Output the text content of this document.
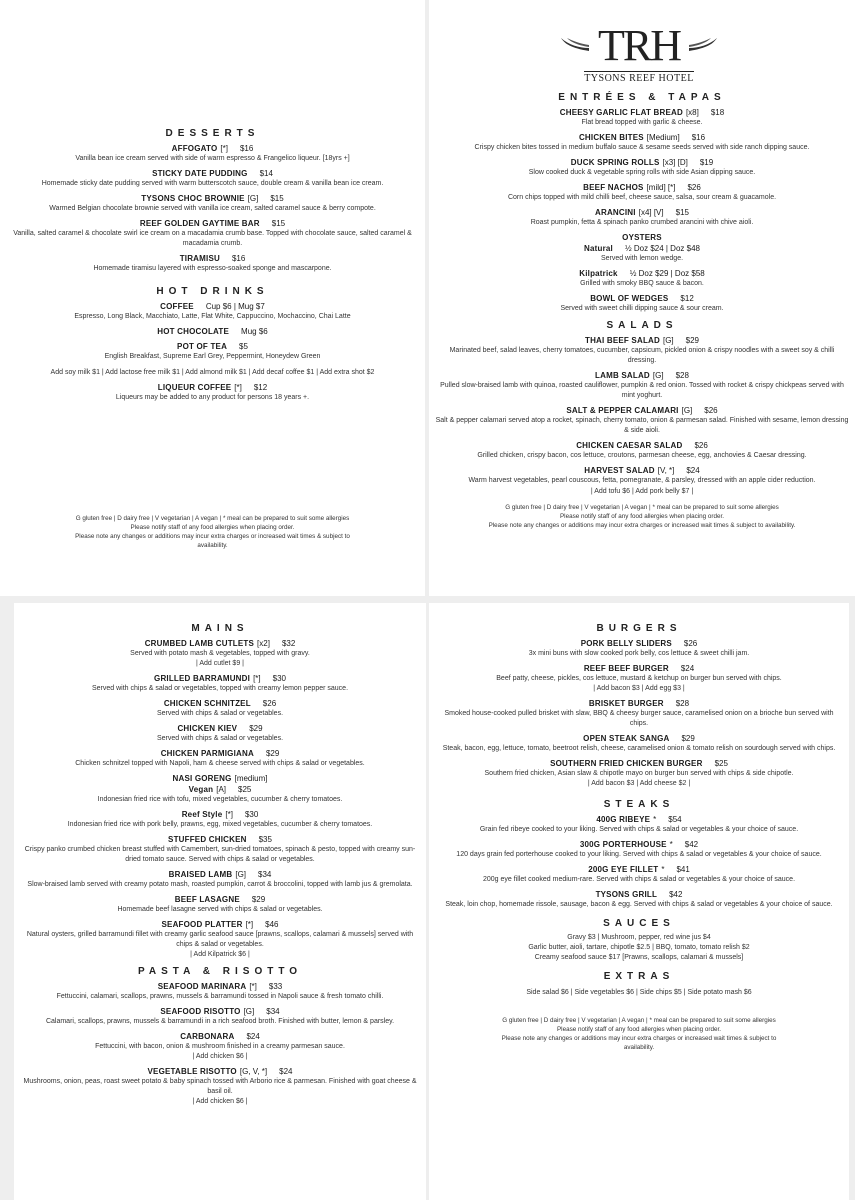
DESSERTS
AFFOGATO [*] $16
Vanilla bean ice cream served with side of warm espresso & Frangelico liqueur. [18yrs +]
STICKY DATE PUDDING $14
Homemade sticky date pudding served with warm butterscotch sauce, double cream & vanilla bean ice cream.
TYSONS CHOC BROWNIE [G] $15
Warmed Belgian chocolate brownie served with vanilla ice cream, salted caramel sauce & berry compote.
REEF GOLDEN GAYTIME BAR $15
Vanilla, salted caramel & chocolate swirl ice cream on a macadamia crumb base. Topped with chocolate sauce, salted caramel & macadamia crumb.
TIRAMISU $16
Homemade tiramisu layered with espresso-soaked sponge and mascarpone.
HOT DRINKS
COFFEE Cup $6 | Mug $7
Espresso, Long Black, Macchiato, Latte, Flat White, Cappuccino, Mochaccino, Chai Latte
HOT CHOCOLATE Mug $6
POT OF TEA $5
English Breakfast, Supreme Earl Grey, Peppermint, Honeydew Green
Add soy milk $1 | Add lactose free milk $1 | Add almond milk $1 | Add decaf coffee $1 | Add extra shot $2
LIQUEUR COFFEE [*] $12
Liqueurs may be added to any product for persons 18 years +.
G gluten free | D dairy free | V vegetarian | A vegan | * meal can be prepared to suit some allergies
Please notify staff of any food allergies when placing order.
Please note any changes or additions may incur extra charges or increased wait times & subject to availability.
TRH
TYSONS REEF HOTEL
ENTRÉES & TAPAS
CHEESY GARLIC FLAT BREAD [x8] $18
Flat bread topped with garlic & cheese.
CHICKEN BITES [Medium] $16
Crispy chicken bites tossed in medium buffalo sauce & sesame seeds served with side ranch dipping sauce.
DUCK SPRING ROLLS [x3] [D] $19
Slow cooked duck & vegetable spring rolls with side Asian dipping sauce.
BEEF NACHOS [mild] [*] $26
Corn chips topped with mild chilli beef, cheese sauce, salsa, sour cream & guacamole.
ARANCINI [x4] [V] $15
Roast pumpkin, fetta & spinach panko crumbed arancini with chive aioli.
OYSTERS
Natural ½ Doz $24 | Doz $48
Served with lemon wedge.
Kilpatrick ½ Doz $29 | Doz $58
Grilled with smoky BBQ sauce & bacon.
BOWL OF WEDGES $12
Served with sweet chilli dipping sauce & sour cream.
SALADS
THAI BEEF SALAD [G] $29
Marinated beef, salad leaves, cherry tomatoes, cucumber, capsicum, pickled onion & crispy noodles with a sweet soy & chilli dressing.
LAMB SALAD [G] $28
Pulled slow-braised lamb with quinoa, roasted cauliflower, pumpkin & red onion. Tossed with rocket & crispy chickpeas served with mint yoghurt.
SALT & PEPPER CALAMARI [G] $26
Salt & pepper calamari served atop a rocket, spinach, cherry tomato, onion & parmesan salad. Finished with sesame, lemon dressing & side aioli.
CHICKEN CAESAR SALAD $26
Grilled chicken, crispy bacon, cos lettuce, croutons, parmesan cheese, egg, anchovies & Caesar dressing.
HARVEST SALAD [V, *] $24
Warm harvest vegetables, pearl couscous, fetta, pomegranate, & parsley, dressed with an apple cider reduction.
| Add tofu $6 | Add pork belly $7 |
G gluten free | D dairy free | V vegetarian | A vegan | * meal can be prepared to suit some allergies
Please notify staff of any food allergies when placing order.
Please note any changes or additions may incur extra charges or increased wait times & subject to availability.
MAINS
CRUMBED LAMB CUTLETS [x2] $32
Served with potato mash & vegetables, topped with gravy.
| Add cutlet $9 |
GRILLED BARRAMUNDI [*] $30
Served with chips & salad or vegetables, topped with creamy lemon pepper sauce.
CHICKEN SCHNITZEL $26
Served with chips & salad or vegetables.
CHICKEN KIEV $29
Served with chips & salad or vegetables.
CHICKEN PARMIGIANA $29
Chicken schnitzel topped with Napoli, ham & cheese served with chips & salad or vegetables.
NASI GORENG [medium]
Vegan [A] $25
Indonesian fried rice with tofu, mixed vegetables, cucumber & cherry tomatoes.
Reef Style [*] $30
Indonesian fried rice with pork belly, prawns, egg, mixed vegetables, cucumber & cherry tomatoes.
STUFFED CHICKEN $35
Crispy panko crumbed chicken breast stuffed with Camembert, sun-dried tomatoes, spinach & pesto, topped with creamy sun-dried tomato sauce. Served with chips & salad or vegetables.
BRAISED LAMB [G] $34
Slow-braised lamb served with creamy potato mash, roasted pumpkin, carrot & broccolini, topped with lamb jus & gremolata.
BEEF LASAGNE $29
Homemade beef lasagne served with chips & salad or vegetables.
SEAFOOD PLATTER [*] $46
Natural oysters, grilled barramundi fillet with creamy garlic seafood sauce [prawns, scallops, calamari & mussels] served with chips & salad or vegetables.
| Add Kilpatrick $6 |
PASTA & RISOTTO
SEAFOOD MARINARA [*] $33
Fettuccini, calamari, scallops, prawns, mussels & barramundi tossed in Napoli sauce & fresh tomato chilli.
SEAFOOD RISOTTO [G] $34
Calamari, scallops, prawns, mussels & barramundi in a rich seafood broth. Finished with butter, lemon & parsley.
CARBONARA $24
Fettuccini, with bacon, onion & mushroom finished in a creamy parmesan sauce.
| Add chicken $6 |
VEGETABLE RISOTTO [G, V, *] $24
Mushrooms, onion, peas, roast sweet potato & baby spinach tossed with Arborio rice & parmesan. Finished with goat cheese & basil oil.
| Add chicken $6 |
BURGERS
PORK BELLY SLIDERS $26
3x mini buns with slow cooked pork belly, cos lettuce & sweet chilli jam.
REEF BEEF BURGER $24
Beef patty, cheese, pickles, cos lettuce, mustard & ketchup on burger bun served with chips.
| Add bacon $3 | Add egg $3 |
BRISKET BURGER $28
Smoked house-cooked pulled brisket with slaw, BBQ & cheesy burger sauce, caramelised onion on a brioche bun served with chips.
OPEN STEAK SANGA $29
Steak, bacon, egg, lettuce, tomato, beetroot relish, cheese, caramelised onion & tomato relish on sourdough served with chips.
SOUTHERN FRIED CHICKEN BURGER $25
Southern fried chicken, Asian slaw & chipotle mayo on burger bun served with chips & side chipotle.
| Add bacon $3 | Add cheese $2 |
STEAKS
400G RIBEYE * $54
Grain fed ribeye cooked to your liking. Served with chips & salad or vegetables & your choice of sauce.
300G PORTERHOUSE * $42
120 days grain fed porterhouse cooked to your liking. Served with chips & salad or vegetables & your choice of sauce.
200G EYE FILLET * $41
200g eye fillet cooked medium-rare. Served with chips & salad or vegetables & your choice of sauce.
TYSONS GRILL $42
Steak, loin chop, homemade rissole, sausage, bacon & egg. Served with chips & salad or vegetables & your choice of sauce.
SAUCES
Gravy $3 | Mushroom, pepper, red wine jus $4
Garlic butter, aioli, tartare, chipotle $2.5 | BBQ, tomato, tomato relish $2
Creamy seafood sauce $17 [Prawns, scallops, calamari & mussels]
EXTRAS
Side salad $6 | Side vegetables $6 | Side chips $5 | Side potato mash $6
G gluten free | D dairy free | V vegetarian | A vegan | * meal can be prepared to suit some allergies
Please notify staff of any food allergies when placing order.
Please note any changes or additions may incur extra charges or increased wait times & subject to availability.
